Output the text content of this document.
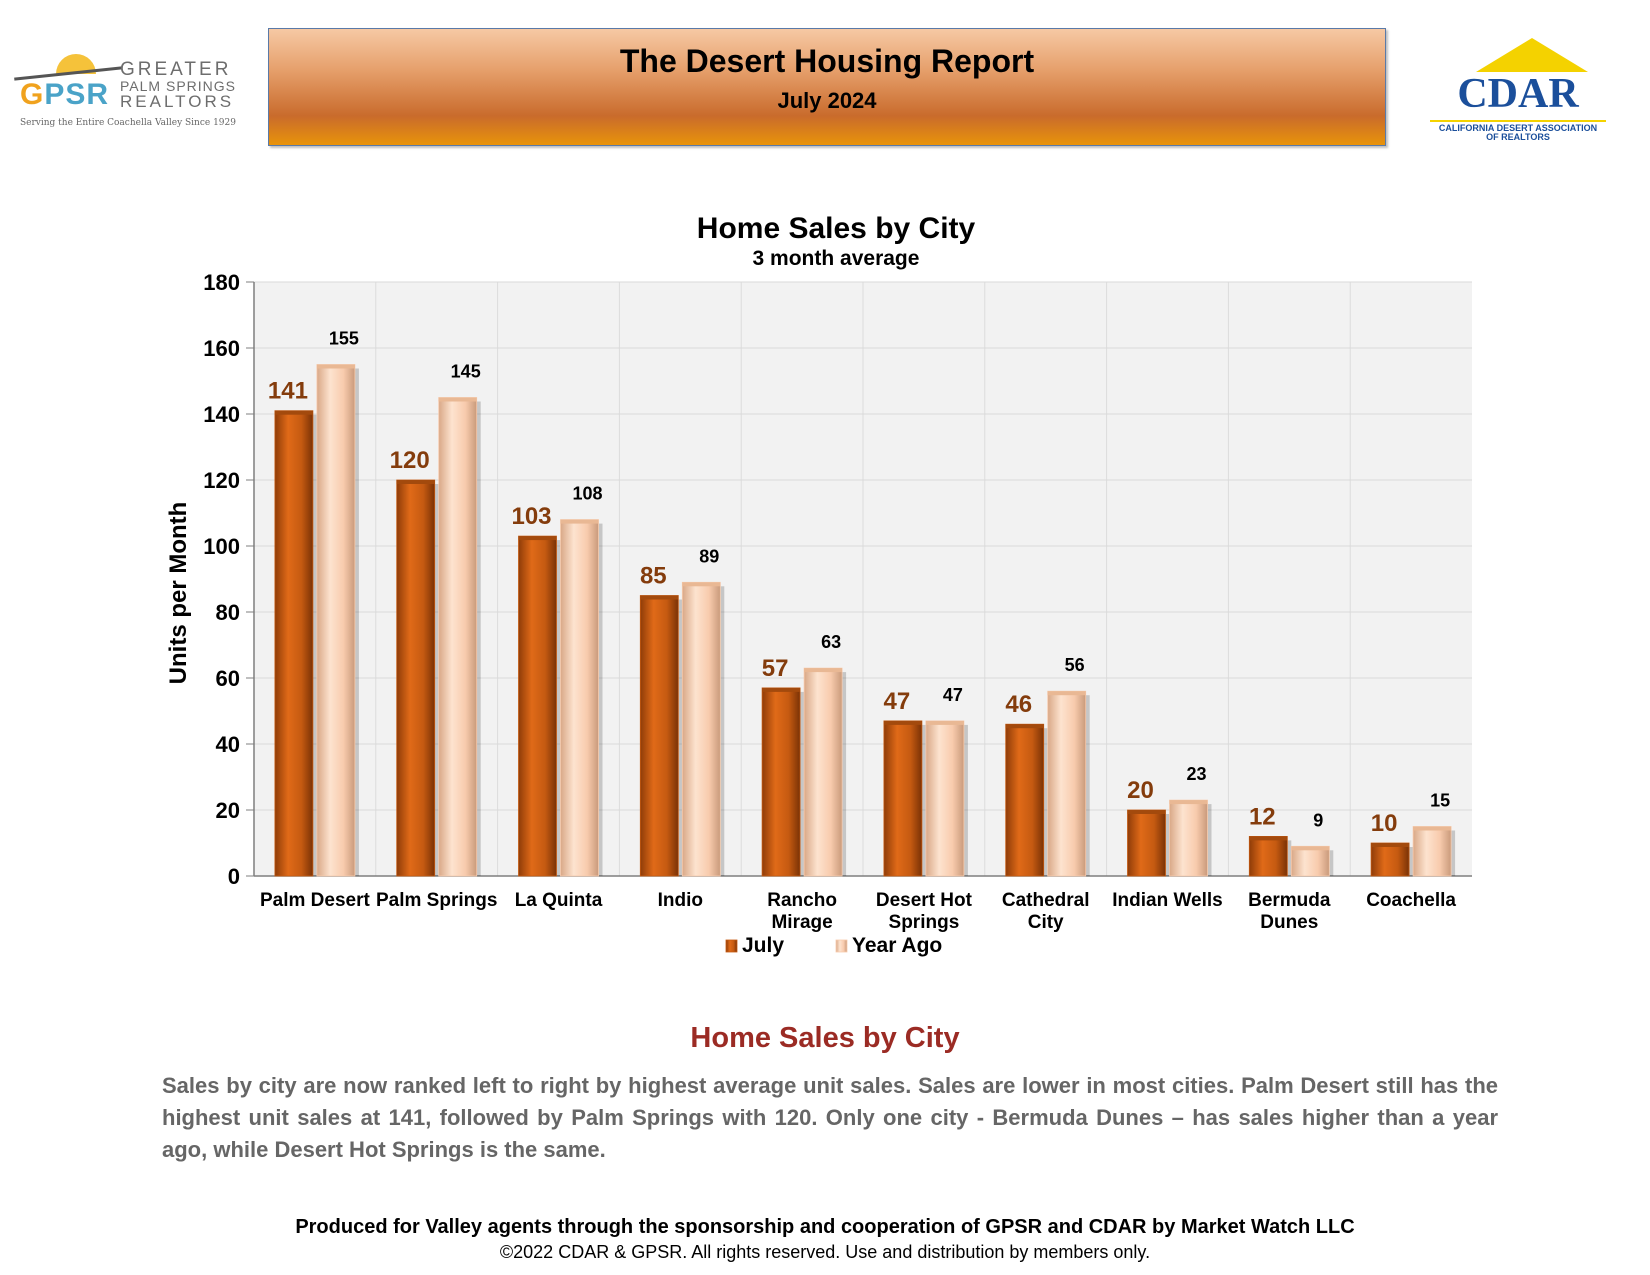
GPSR
GREATER
PALM SPRINGS
REALTORS
Serving the Entire Coachella Valley Since 1929
The Desert Housing Report
July 2024	CDAR
CALIFORNIA DESERT ASSOCIATION
OF REALTORS
Home Sales by City
3 month average
0
20
40
60
80
100
120
140
160
180
Units per Month
141
155
Palm Desert
120
145
Palm Springs
103
108
La Quinta
85
89
Indio
57
63
Rancho
Mirage
47 47
Desert Hot
Springs
46
56
Cathedral
City
20
23
Indian Wells
12 9
Bermuda
Dunes
10
15
Coachella
July	Year Ago
Home Sales by City
Sales by city are now ranked left to right by highest average unit sales. Sales are lower in most cities. Palm Desert still has the highest unit sales at 141, followed by Palm Springs with 120. Only one city - Bermuda Dunes – has sales higher than a year ago, while Desert Hot Springs is the same.
Produced for Valley agents through the sponsorship and cooperation of GPSR and CDAR by Market Watch LLC
©2022 CDAR & GPSR. All rights reserved. Use and distribution by members only.
